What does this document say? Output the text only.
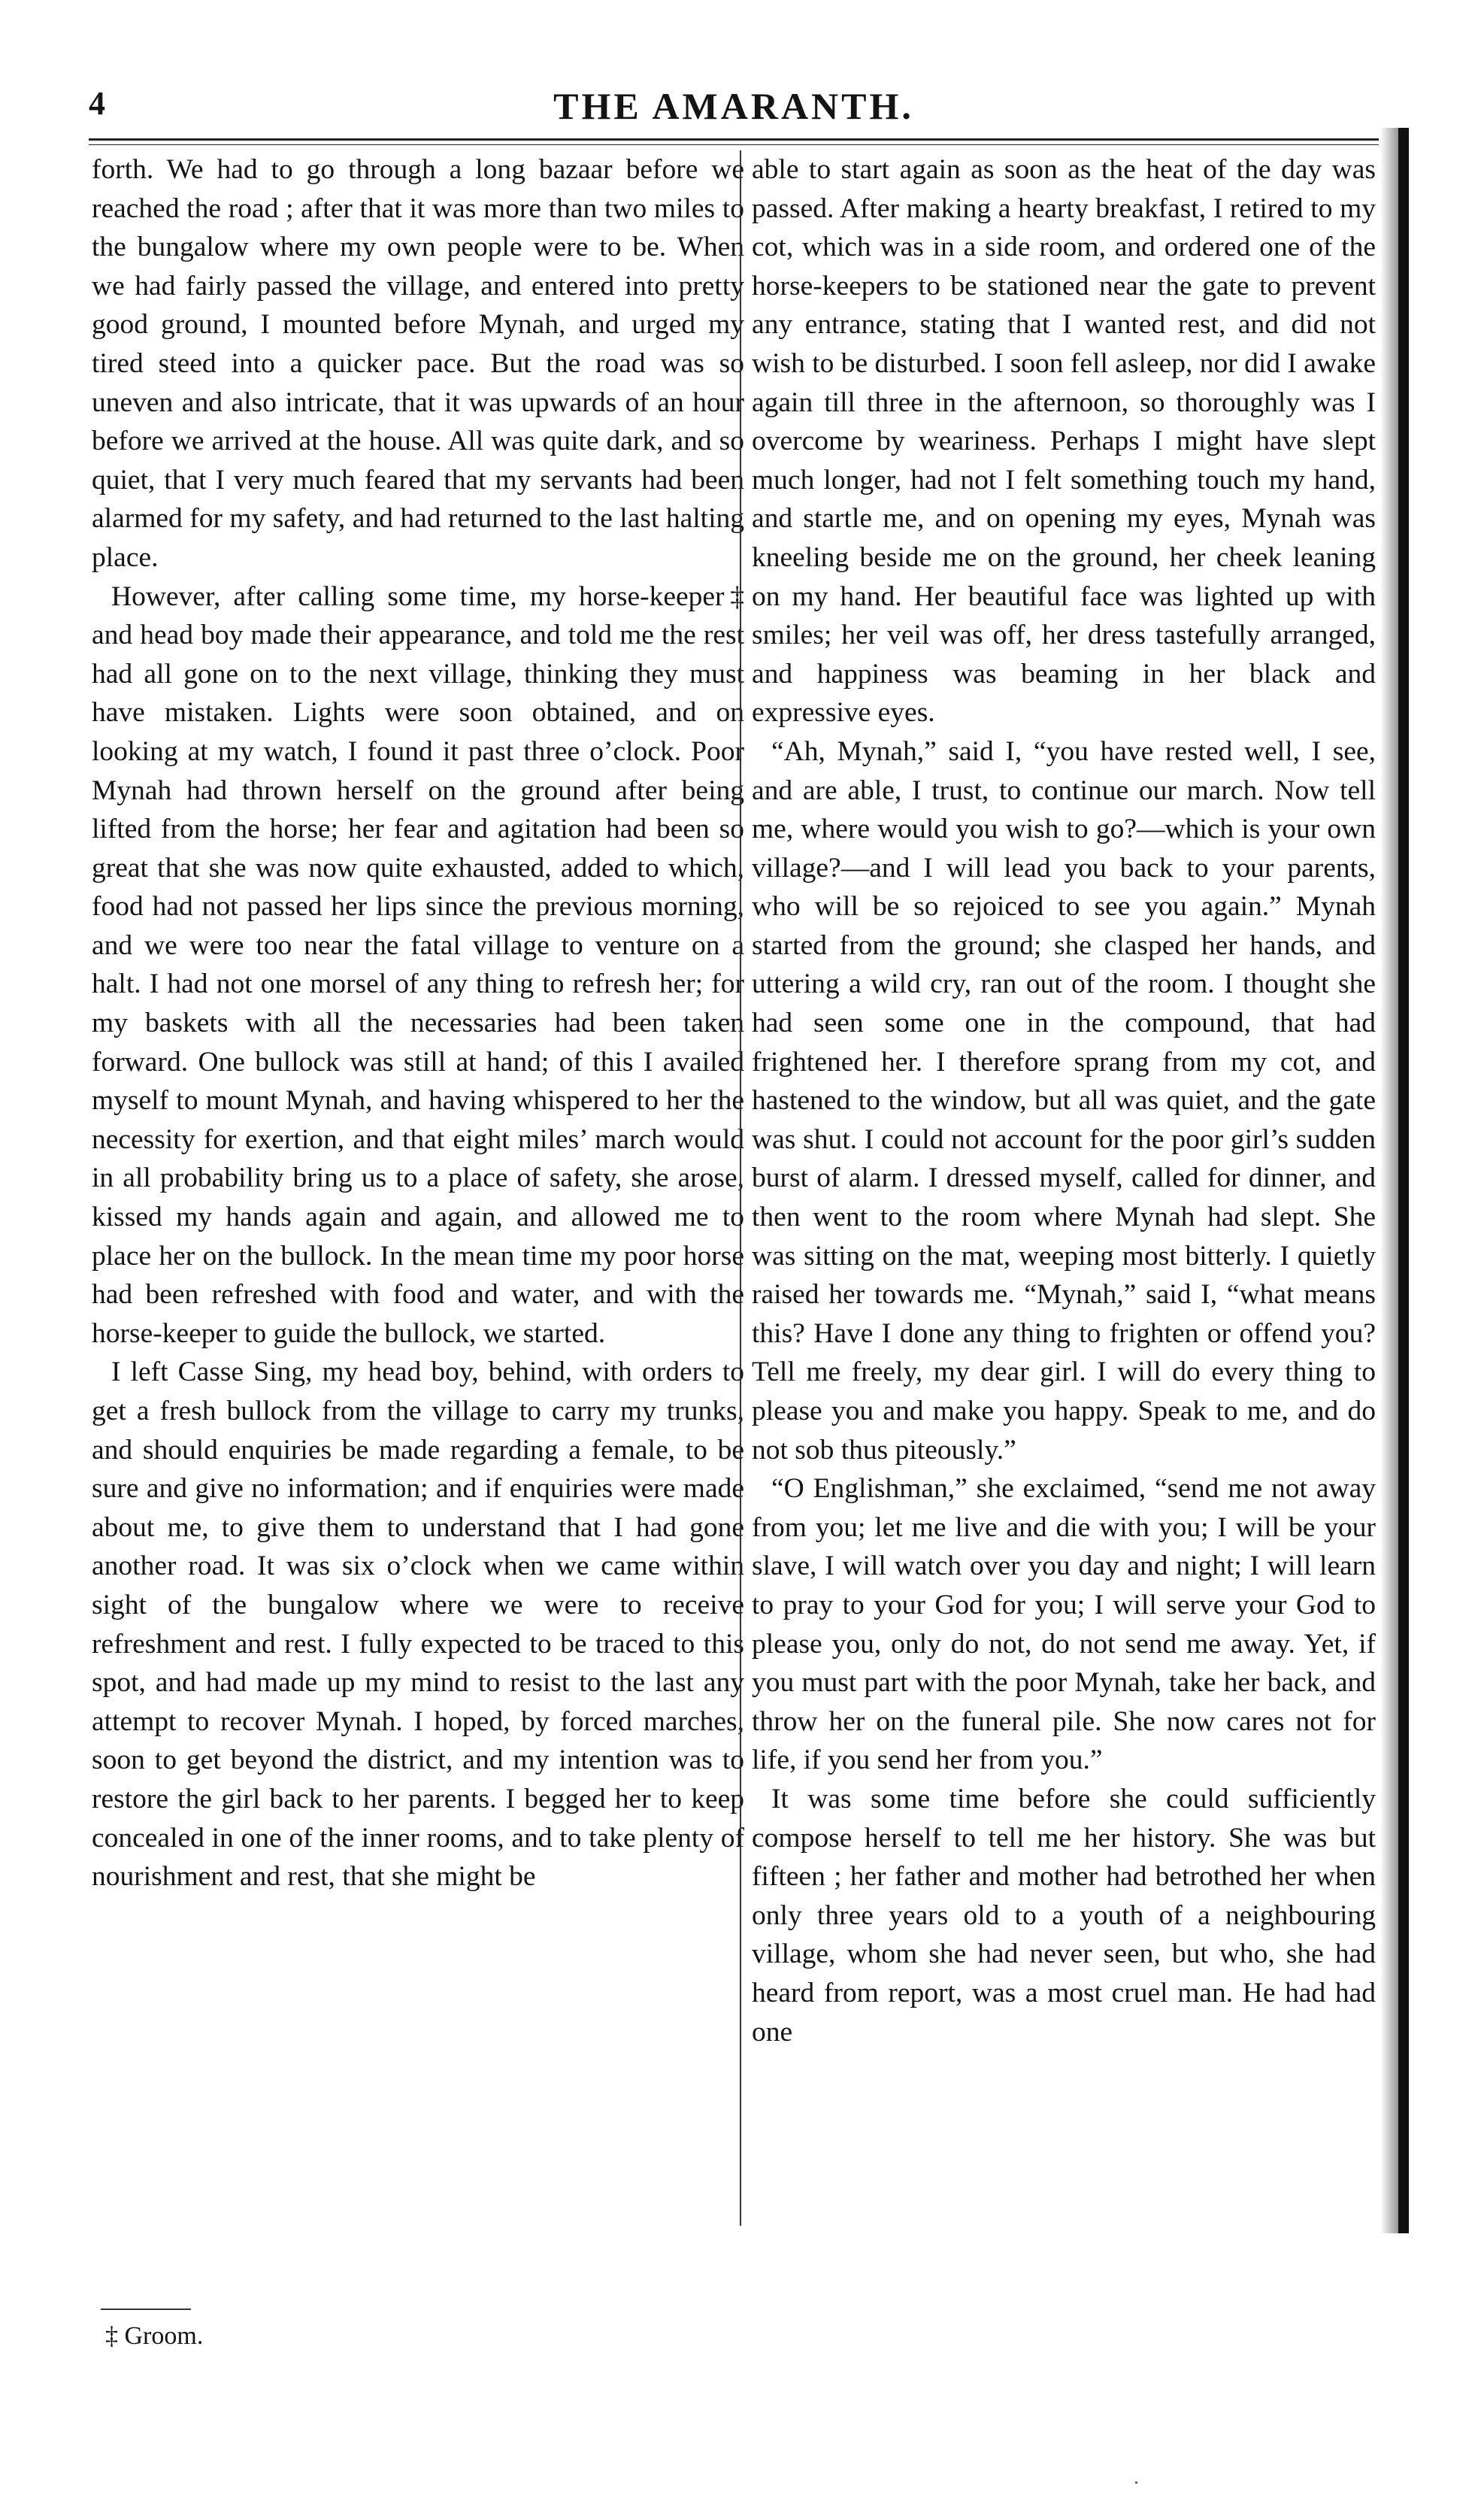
4	THE AMARANTH.

forth. We had to go through a long bazaar before we reached the road ; after that it was more than two miles to the bungalow where my own people were to be. When we had fairly passed the village, and entered into pretty good ground, I mounted before Mynah, and urged my tired steed into a quicker pace. But the road was so uneven and also intricate, that it was upwards of an hour before we arrived at the house. All was quite dark, and so quiet, that I very much feared that my servants had been alarmed for my safety, and had returned to the last halting place.

However, after calling some time, my horse-keeper‡ and head boy made their appearance, and told me the rest had all gone on to the next village, thinking they must have mistaken. Lights were soon obtained, and on looking at my watch, I found it past three o’clock. Poor Mynah had thrown herself on the ground after being lifted from the horse; her fear and agitation had been so great that she was now quite exhausted, added to which, food had not passed her lips since the previous morning, and we were too near the fatal village to venture on a halt. I had not one morsel of any thing to refresh her; for my baskets with all the necessaries had been taken forward. One bullock was still at hand; of this I availed myself to mount Mynah, and having whispered to her the necessity for exertion, and that eight miles’ march would in all probability bring us to a place of safety, she arose, kissed my hands again and again, and allowed me to place her on the bullock. In the mean time my poor horse had been refreshed with food and water, and with the horse-keeper to guide the bullock, we started.

I left Casse Sing, my head boy, behind, with orders to get a fresh bullock from the village to carry my trunks, and should enquiries be made regarding a female, to be sure and give no information; and if enquiries were made about me, to give them to understand that I had gone another road. It was six o’clock when we came within sight of the bungalow where we were to receive refreshment and rest. I fully expected to be traced to this spot, and had made up my mind to resist to the last any attempt to recover Mynah. I hoped, by forced marches, soon to get beyond the district, and my intention was to restore the girl back to her parents. I begged her to keep concealed in one of the inner rooms, and to take plenty of nourishment and rest, that she might be

able to start again as soon as the heat of the day was passed. After making a hearty breakfast, I retired to my cot, which was in a side room, and ordered one of the horse-keepers to be stationed near the gate to prevent any entrance, stating that I wanted rest, and did not wish to be disturbed. I soon fell asleep, nor did I awake again till three in the afternoon, so thoroughly was I overcome by weariness. Perhaps I might have slept much longer, had not I felt something touch my hand, and startle me, and on opening my eyes, Mynah was kneeling beside me on the ground, her cheek leaning on my hand. Her beautiful face was lighted up with smiles; her veil was off, her dress tastefully arranged, and happiness was beaming in her black and expressive eyes.

“Ah, Mynah,” said I, “you have rested well, I see, and are able, I trust, to continue our march. Now tell me, where would you wish to go?—which is your own village?—and I will lead you back to your parents, who will be so rejoiced to see you again.” Mynah started from the ground; she clasped her hands, and uttering a wild cry, ran out of the room. I thought she had seen some one in the compound, that had frightened her. I therefore sprang from my cot, and hastened to the window, but all was quiet, and the gate was shut. I could not account for the poor girl’s sudden burst of alarm. I dressed myself, called for dinner, and then went to the room where Mynah had slept. She was sitting on the mat, weeping most bitterly. I quietly raised her towards me. “Mynah,” said I, “what means this? Have I done any thing to frighten or offend you? Tell me freely, my dear girl. I will do every thing to please you and make you happy. Speak to me, and do not sob thus piteously.”

“O Englishman,” she exclaimed, “send me not away from you; let me live and die with you; I will be your slave, I will watch over you day and night; I will learn to pray to your God for you; I will serve your God to please you, only do not, do not send me away. Yet, if you must part with the poor Mynah, take her back, and throw her on the funeral pile. She now cares not for life, if you send her from you.”

It was some time before she could sufficiently compose herself to tell me her history. She was but fifteen ; her father and mother had betrothed her when only three years old to a youth of a neighbouring village, whom she had never seen, but who, she had heard from report, was a most cruel man. He had had one

‡ Groom.
